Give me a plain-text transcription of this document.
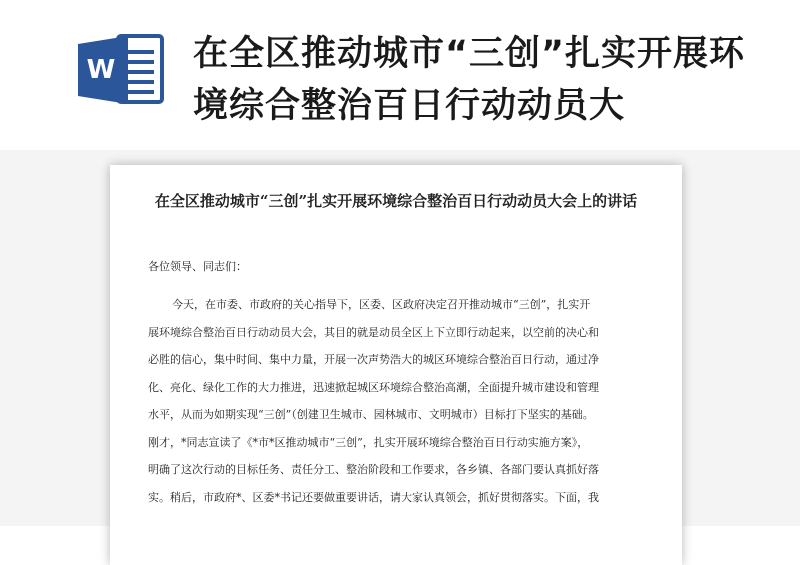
W 在全区推动城市“三创”扎实开展环境综合整治百日行动动员大
在全区推动城市“三创”扎实开展环境综合整治百日行动动员大会上的讲话
各位领导、同志们：
今天，在市委、市政府的关心指导下，区委、区政府决定召开推动城市“三创”，扎实开
展环境综合整治百日行动动员大会，其目的就是动员全区上下立即行动起来，以空前的决心和
必胜的信心，集中时间、集中力量，开展一次声势浩大的城区环境综合整治百日行动，通过净
化、亮化、绿化工作的大力推进，迅速掀起城区环境综合整治高潮，全面提升城市建设和管理
水平，从而为如期实现“三创”（创建卫生城市、园林城市、文明城市）目标打下坚实的基础。
刚才，*同志宣读了《*市*区推动城市“三创”，扎实开展环境综合整治百日行动实施方案》，
明确了这次行动的目标任务、责任分工、整治阶段和工作要求，各乡镇、各部门要认真抓好落
实。稍后，市政府*、区委*书记还要做重要讲话，请大家认真领会，抓好贯彻落实。下面，我
